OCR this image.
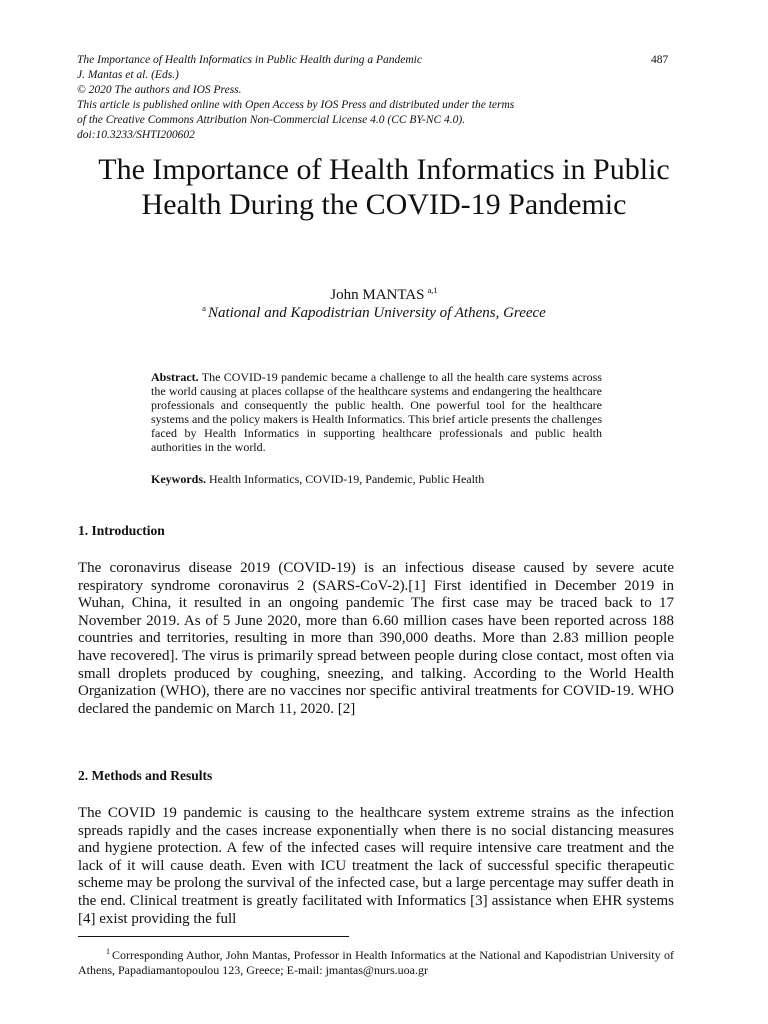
The Importance of Health Informatics in Public Health during a Pandemic
J. Mantas et al. (Eds.)
© 2020 The authors and IOS Press.
This article is published online with Open Access by IOS Press and distributed under the terms
of the Creative Commons Attribution Non-Commercial License 4.0 (CC BY-NC 4.0).
doi:10.3233/SHTI200602
487
The Importance of Health Informatics in Public Health During the COVID-19 Pandemic
John MANTAS $^{a,1}$
$^a$ National and Kapodistrian University of Athens, Greece
Abstract. The COVID-19 pandemic became a challenge to all the health care systems across the world causing at places collapse of the healthcare systems and endangering the healthcare professionals and consequently the public health. One powerful tool for the healthcare systems and the policy makers is Health Informatics. This brief article presents the challenges faced by Health Informatics in supporting healthcare professionals and public health authorities in the world.
Keywords. Health Informatics, COVID-19, Pandemic, Public Health
1. Introduction

The coronavirus disease 2019 (COVID-19) is an infectious disease caused by severe acute respiratory syndrome coronavirus 2 (SARS-CoV-2).[1] First identified in December 2019 in Wuhan, China, it resulted in an ongoing pandemic The first case may be traced back to 17 November 2019. As of 5 June 2020, more than 6.60 million cases have been reported across 188 countries and territories, resulting in more than 390,000 deaths. More than 2.83 million people have recovered]. The virus is primarily spread between people during close contact, most often via small droplets produced by coughing, sneezing, and talking. According to the World Health Organization (WHO), there are no vaccines nor specific antiviral treatments for COVID-19. WHO declared the pandemic on March 11, 2020. [2]

2. Methods and Results

The COVID 19 pandemic is causing to the healthcare system extreme strains as the infection spreads rapidly and the cases increase exponentially when there is no social distancing measures and hygiene protection. A few of the infected cases will require intensive care treatment and the lack of it will cause death. Even with ICU treatment the lack of successful specific therapeutic scheme may be prolong the survival of the infected case, but a large percentage may suffer death in the end. Clinical treatment is greatly facilitated with Informatics [3] assistance when EHR systems [4] exist providing the full

$^1$ Corresponding Author, John Mantas, Professor in Health Informatics at the National and Kapodistrian University of Athens, Papadiamantopoulou 123, Greece; E-mail: jmantas@nurs.uoa.gr
